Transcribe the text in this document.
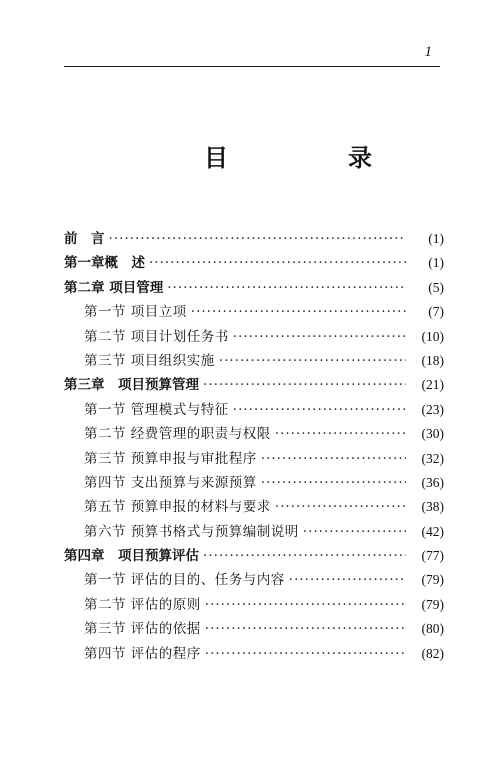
1
目　录
前　言 ·····	(1)
第一章概　述 ·····	(1)
第二章 项目管理 ·····	(5)
第一节 项目立项 ·····	(7)
第二节 项目计划任务书 ·····	(10)
第三节 项目组织实施 ·····	(18)
第三章　项目预算管理 ·····	(21)
第一节 管理模式与特征 ·····	(23)
第二节 经费管理的职责与权限 ·····	(30)
第三节 预算申报与审批程序 ·····	(32)
第四节 支出预算与来源预算 ·····	(36)
第五节 预算申报的材料与要求 ·····	(38)
第六节 预算书格式与预算编制说明 ·····	(42)
第四章　项目预算评估 ·····	(77)
第一节 评估的目的、任务与内容 ·····	(79)
第二节 评估的原则 ·····	(79)
第三节 评估的依据 ·····	(80)
第四节 评估的程序 ·····	(82)
